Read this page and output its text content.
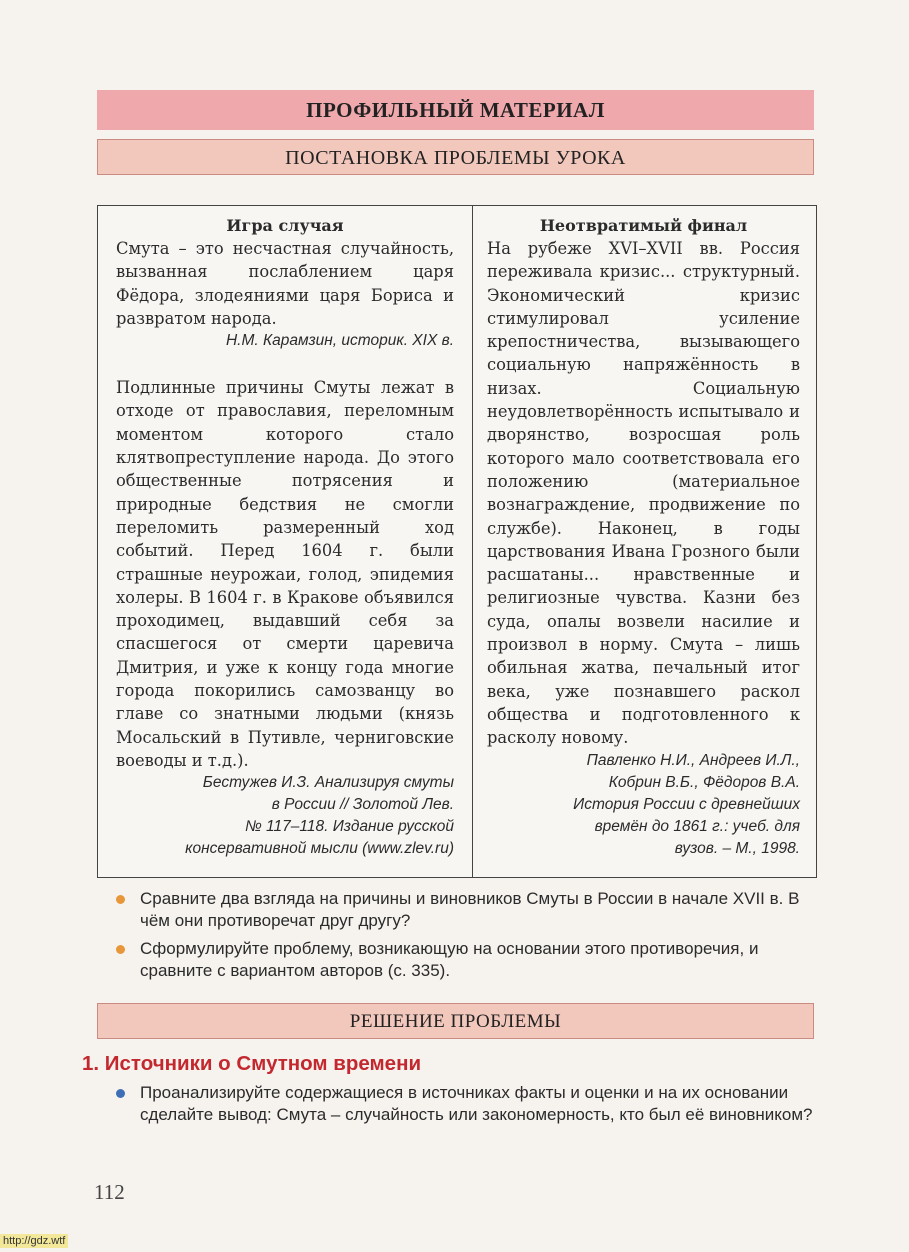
ПРОФИЛЬНЫЙ МАТЕРИАЛ
ПОСТАНОВКА ПРОБЛЕМЫ УРОКА
Игра случая

Смута – это несчастная случайность, вызванная послаблением царя Фёдора, злодеяниями царя Бориса и развратом народа.

Н.М. Карамзин, историк. XIX в.

Подлинные причины Смуты лежат в отходе от православия, переломным моментом которого стало клятвопреступление народа. До этого общественные потрясения и природные бедствия не смогли переломить размеренный ход событий. Перед 1604 г. были страшные неурожаи, голод, эпидемия холеры. В 1604 г. в Кракове объявился проходимец, выдавший себя за спасшегося от смерти царевича Дмитрия, и уже к концу года многие города покорились самозванцу во главе со знатными людьми (князь Мосальский в Путивле, черниговские воеводы и т.д.).

Бестужев И.З. Анализируя смуты

в России // Золотой Лев.

№ 117–118. Издание русской

консервативной мысли (www.zlev.ru)

Неотвратимый финал

На рубеже XVI–XVII вв. Россия переживала кризис... структурный. Экономический кризис стимулировал усиление крепостничества, вызывающего социальную напряжённость в низах. Социальную неудовлетворённость испытывало и дворянство, возросшая роль которого мало соответствовала его положению (материальное вознаграждение, продвижение по службе). Наконец, в годы царствования Ивана Грозного были расшатаны... нравственные и религиозные чувства. Казни без суда, опалы возвели насилие и произвол в норму. Смута – лишь обильная жатва, печальный итог века, уже познавшего раскол общества и подготовленного к расколу новому.

Павленко Н.И., Андреев И.Л.,

Кобрин В.Б., Фёдоров В.А.

История России с древнейших

времён до 1861 г.: учеб. для

вузов. – М., 1998.

Сравните два взгляда на причины и виновников Смуты в России в начале XVII в. В чём они противоречат друг другу?
Сформулируйте проблему, возникающую на основании этого противоречия, и сравните с вариантом авторов (с. 335).
РЕШЕНИЕ ПРОБЛЕМЫ
1. Источники о Смутном времени
Проанализируйте содержащиеся в источниках факты и оценки и на их основании сделайте вывод: Смута – случайность или закономерность, кто был её виновником?
112
http://gdz.wtf
